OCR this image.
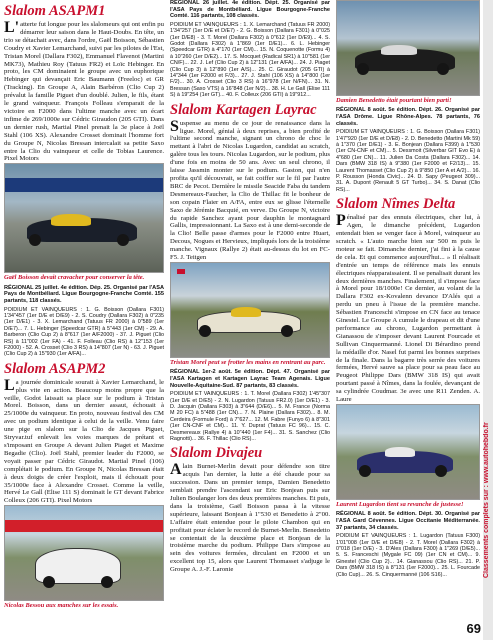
Slalom ASAPM1

L'atterte fut longue pour les slalomeurs qui ont enfin pu démarrer leur saison dans le Haut-Doubs. En tête, un trio se détachait avec, dans l'ordre, Gaël Boisson, Sébastien Coudry et Xavier Lemarchand, suivi par les pilotes de l'Est, Tristan Morel (Dallara F302), Emmanuel Flavenot (Martini MK73), Mathieu Roy (Tatuus FR2) et Loïc Hebinger. En proto, les CM dominaient le groupe avec un euphorique Hebinger qui devançait Eric Baumann (Freeloc) et GR (Tracking). En Groupe A, Alain Barbéron (Clio Cup 2) prévalut la famille Piguet d'un doublé. Julien, le fils, étant le grand vainqueur. François Folleau s'emparait de la victoire en F2000 dans l'ultime manche avec un écart infime de 269/1000e sur Cédric Giraudon (205 GTI). Dans un dernier rush, Martial Pinel prenait la 3e place à Joël Stahl (106 XS). Alexandre Crosset dominait l'homme fort du Groupe N, Nicolas Bressan intercalait sa petite Saxo entre la Clio du vainqueur et celle de Tobias Laurence. Pixel Motors

Gaël Boisson devait cravacher pour conserver la tête.

RÉGIONAL 25 juillet. 4e édition. Dép. 25. Organisé par l'ASA Pays de Montbéliard. Ligue Bourgogne-Franche Comté. 155 partants, 118 classés.

POIDIUM ET VAINQUEURS : 1. G. Boisson (Dallara F301) 1'34"457 (1er D/E et D/E9) - 2. S. Coudry (Dallara F302) à 0"235 (1er D/E1) - 3. X. Lemarchand (Tatuus FR 2000) à 0"589 (1er D/E7)... 7. L. Hebinger (Speedcar GTR) à 5"443 (1er CM) - 29. A. Barberon (Clio Cup 2) à 8"617 (1er A/F2000) - 37. J. Piguet (Clio RS) à 11"002 (1er FA) - 41. F. Folleau (Clio RS) à 12"153 (1er F2000) - 52. A. Crosset (Clio 3 RS) à 14"807 (1er N) - 63. J. Piguet (Clio Cup 2) à 15"930 (1er A/FA)...

Slalom ASAPM2

La journée dominicale sourait à Xavier Lemarchand, le plus vite en action. Beaucoup moins propre que la veille, Godot laissait sa place sur le podium à Tristan Morel. Boisson, dans un dernier assaut, échouait à 25/1000e du vainqueur. En proto, nouveau festival des CM avec un podium identique à celui de la veille. Venu faire une pige en slalom sur la Clio de Jacques Piguet, Stryvar.tuf enlevait les voies marques de prétant et s'imposant en Groupe A devant Julien Piaget et Maxime Begadie (Clio). Joël Stahl, premier leader du F2000, se voyait passer par Cédric Giraudot. Martial Pinel (106) complétait le podium. En Groupe N, Nicolas Bressan était à deux doigts de créer l'exploit, mais il échouait pour 35/1000e face à Alexandre Crosset. Comme la veille, Hervé Le Gall (Elise 111 S) dominait le GT devant Fabrice Colleux (206 GTI). Pixel Motors

Nicolas Bessou aux manches sur les essais.

RÉGIONAL 26 juillet. 4e édition. Dépt. 25. Organisé par l'ASA Pays de Montbéliard. Ligue Bourgogne-Franche Comté. 116 partants, 108 classés.

POIDIUM ET VAINQUEURS : 1. X. Lemarchand (Tatuus FR 2000) 1'34"257 (1er D/E et D/E7) - 2. G. Boisson (Dallara F301) à 0"025 (1er D/E8) - 3. T. Morel (Dallara F302) à 0"612 (1er D/E9)... 4. S. Godot (Dallara F302) à 1"869 (1er D/E1)... 6. L. Hebinger (Speedcar GTR) à 4"170 (1er CM)... 15. N. Coquenotte (Formu 4) à 10"260 (1er D/E2)... 17. S. Mocquet (Radical SR1) à 10"581 (1er CN/F)... 22. J. Lef (Clio Cup 2) à 12"131 (1er A/FA)... 24. J. Piaget (Clio Cup 3) à 12"890 (1er A/S)... 25. C. Giraudot (205 GTI) à 14"344 (1er F2000 et F/3)... 27. J. Stahl (106 XS) à 14"800 (1er F/2)... 30. A. Crosset (Clio 3 RS) à 16"978 (1er N/FN)... 31. N. Bressan (Saxo VTS) à 16"848 (1er N/2)... 38. H. Le Gall (Elise 111 S) à 19"254 (1er GT)... 40. F. Colleux (206 GTI) à 19"912...

Slalom Kartagen Layrac

Suspense au menu de ce jour de renaissance dans la ligue. Morel, génial à deux reprises, a bien profité de l'ultime second manche, signant un chrono de choc le mettant à l'abri de Nicolas Lugardon, candidat au scratch, galère tous les tours. Nicolas Lugardon, sur le podium, plus d'une fois en moins de 50 ans. Avec un seul chrono, il laisse Jassmin monter sur le podium. Gaston, qui n'en profita qu'il découvrait, se fait coiffer sur le fil par l'autre BRC de Pecot. Dernière le missile Seacide Faba du tandem Desmereaux-Faucher, la Clio de Thillac fit le bonheur de son copain Flaier en A/FA, entre eux se glisse l'éternelle Saxo de Jérémie Bacquié, en verve. Du Groupe N, victoire du rapide Sanchez ayant pour dauphin le montagnard Gallis, impressionnant. La Saxo est à une demi-seconde de la Clio! Belle passe d'armes pour le F2000 entre Huart, Decous, Nogues et Hervieux, impliqués lors de la troisième manche. Vignaux (Rallye 2) était au-dessus du lot en FC-F5. J. Teitgen

Tristan Morel peut se frotter les mains en rentrant au parc.

RÉGIONAL 1er-2 août. 5e édition. Dépt. 47. Organisé par l'ASA Kartagen et Kartagen Layrac Team Agenais. Ligue Nouvelle-Aquitaine-Sud. 87 partants, 83 classés.

POIDIUM ET VAINQUEURS : 1. T. Morel (Dallara F302) 1'45"307 (1er D/E et D/E5) - 2. N. Lugardon (Tatuus FR2.0) (1er D/E1) - 3. D. Jacquin (Dallara F303) à 3"644 (D/E6)... 5. M. France (Norma M 20 FC) à 5"488 (1er CN)... 7. N. Plaine (Dallara F302)... 8. M. Cerdeira (Formule Ford) à 7"627... 12. M. Fabre (Funyo 6) à 8"301 (1er CN-CNF et CM)... 11. Y. Duprat (Tatuus FC 96)... 15. C. Desmereaux (Rallye 4) à 10"440 (1er F4)... 31. S. Sanchez (Clio Ragnotti)... 36. F. Thillac (Clio RS)...

Slalom Divajeu

Alain Burnet-Merlin devait pour défendre son titre acquis l'an dernier, la lutte a été chaude pour sa succession. Dans un premier temps, Damien Benedetto semblait prendre l'ascendant sur Eric Bonjean puis sur Julien Boulanger lors des deux premières manches. Et puis, dans la troisième, Gaël Boisson passa à la vitesse supérieure, laissant Bonjean à 1"530 et Benedetto à 2"00. L'affaire était entendue pour le pilote Chambon qui en profitait pour éclater le record de Burnet-Merlin. Benedetto se contentait de la deuxième place et Bonjean de la troisième marche du podium. Philippe Dars s'impose au sein des voitures fermées, dirculant en F2000 et un excellent top 15, alors que Laurent Thomasset s'adjuge le Groupe A. J.-F. Laronie

Damien Benedetto était pourtant bien parti!

RÉGIONAL 8 août. 5e édition. Dépt. 26. Organisé par l'ASA Drôme. Ligue Rhône-Alpes. 78 partants, 76 classés.

POIDIUM ET VAINQUEURS : 1. G. Boisson (Dallara F301) 1'47"920 (1er D/E et D/E8) - 2. D. Benedetto (Martini Mk 59) à 1"370 (1er D/E1) - 3. E. Bonjean (Dallara F399) à 1"530 (1er CN-CNF et CM)... 5. Dessmoit (Silverbar GIT Evo E) à 4"680 (1er CN)... 11. Julien Da Costa (Dallara F302)... 14. Dars (BMW 318 IS) à 9"380 (1er F2000 et F2/13)... 15. Laurent Thomasset (Clio Cup 2) à 9"850 (1er A et A/2)... 16. P. Rousson (Honda Civic)... 24. D. Sapy (Peugeot 309)... 31. A. Dupont (Renault 5 GT Turbo)... 34. S. Danat (Clio RS)...

Slalom Nîmes Delta

Pénalisé par des ennuis électriques, cher lui, à Agen, le dimanche précédent, Lugardon entendait bien se venger face à Morel, vainqueur au scratch. « L'auto marche bien sur 500 m puis le moteur se fait. Dimanche dernier, j'ai fini à la cause de cela. Et qui commence aujourd'hui... » Il réalisait d'entrée un temps de référence mais les ennuis électriques réapparaissaient. Il se penalisait durant les deux dernières manches. Finalement, il s'impose face à Morel pour 18/1000e! Ce dernier, au volant de la Dallara F302 ex-Kovalenn devance D'Alés qui a perdu un pneu à l'issue de la première manche. Sébastien Franceschi s'impose en CN face au tenace Ginestel. Le Groupe A cumule le drapeau et dit d'une performance au chrono, Lugardon permettant à Gianassou de s'imposer devant Laurent Fourcade et Sullivan Cinquermanné. Lionel Di Bérardino prend la médaille d'or. Nasel fut parmi les bonnes surprises de la finale. Dans la bagarre très serrée des voitures fermées, Hervé sauve sa place pour sa peau face au Peugeot Philippe Dars (BMW 318 IS) qui avait pourtant passé à Nîmes, dans la foulée, devançant de sa cylindrée Coudmar. 3e avec une R11 Zenden. A. Laure

Laurent Lugardon tient sa revanche de justesse!

RÉGIONAL 8 août. 5e édition. Dépt. 30. Organisé par l'ASA Gard Cévennes. Ligue Occitanie Méditerranée. 37 partants, 34 classés.

POIDIUM ET VAINQUEURS : 1. Lugardon (Tatuus F300) 1'01"008 (1er D/E et D/E8) - 2. T. Morel (Dallara F302) à 0"018 (1er D/E) - 3. D'Ales (Dallara F300) à 1"269 (D/E5)... 5. S. Franceschi (Mygale FC 09) (1er CN et CM)... 9. Ginestel (Clio Cup 2)... 14. Gianassou (Clio RS)... 21. P. Dars (BMW 318 IS) à 8"131 (1er F2000)... 25. L. Fourcade (Clio Cup)... 26. S. Cinquermanné (106 S16)...	Classements complets sur : www.autohebdo.fr
69
